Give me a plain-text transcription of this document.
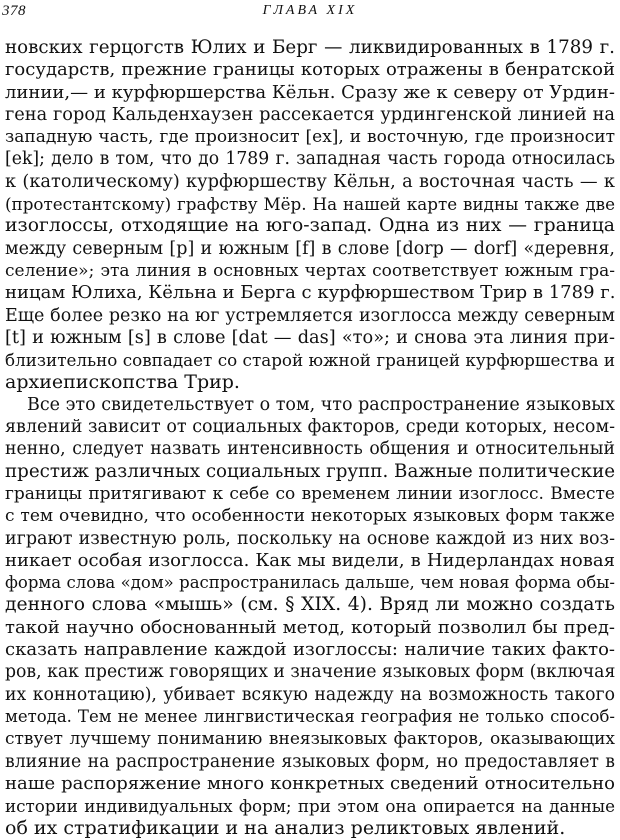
378	ГЛАВА XIX
новских герцогств Юлих и Берг — ликвидированных в 1789 г.
государств, прежние границы которых отражены в бенратской
линии,— и курфюршерства Кёльн. Сразу же к северу от Урдин-
гена город Кальденхаузен рассекается урдингенской линией на
западную часть, где произносит [ех], и восточную, где произносит
[ek]; дело в том, что до 1789 г. западная часть города относилась
к (католическому) курфюршеству Кёльн, а восточная часть — к
(протестантскому) графству Мёр. На нашей карте видны также две
изоглоссы, отходящие на юго-запад. Одна из них — граница
между северным [р] и южным [f] в слове [dorp — dorf] «деревня,
селение»; эта линия в основных чертах соответствует южным гра-
ницам Юлиха, Кёльна и Берга с курфюршеством Трир в 1789 г.
Еще более резко на юг устремляется изоглосса между северным
[t] и южным [s] в слове [dat — das] «то»; и снова эта линия при-
близительно совпадает со старой южной границей курфюршества и
архиепископства Трир.
Все это свидетельствует о том, что распространение языковых
явлений зависит от социальных факторов, среди которых, несом-
ненно, следует назвать интенсивность общения и относительный
престиж различных социальных групп. Важные политические
границы притягивают к себе со временем линии изоглосс. Вместе
с тем очевидно, что особенности некоторых языковых форм также
играют известную роль, поскольку на основе каждой из них воз-
никает особая изоглосса. Как мы видели, в Нидерландах новая
форма слова «дом» распространилась дальше, чем новая форма обы-
денного слова «мышь» (см. § XIX. 4). Вряд ли можно создать
такой научно обоснованный метод, который позволил бы пред-
сказать направление каждой изоглоссы: наличие таких факто-
ров, как престиж говорящих и значение языковых форм (включая
их коннотацию), убивает всякую надежду на возможность такого
метода. Тем не менее лингвистическая география не только способ-
ствует лучшему пониманию внеязыковых факторов, оказывающих
влияние на распространение языковых форм, но предоставляет в
наше распоряжение много конкретных сведений относительно
истории индивидуальных форм; при этом она опирается на данные
об их стратификации и на анализ реликтовых явлений.
